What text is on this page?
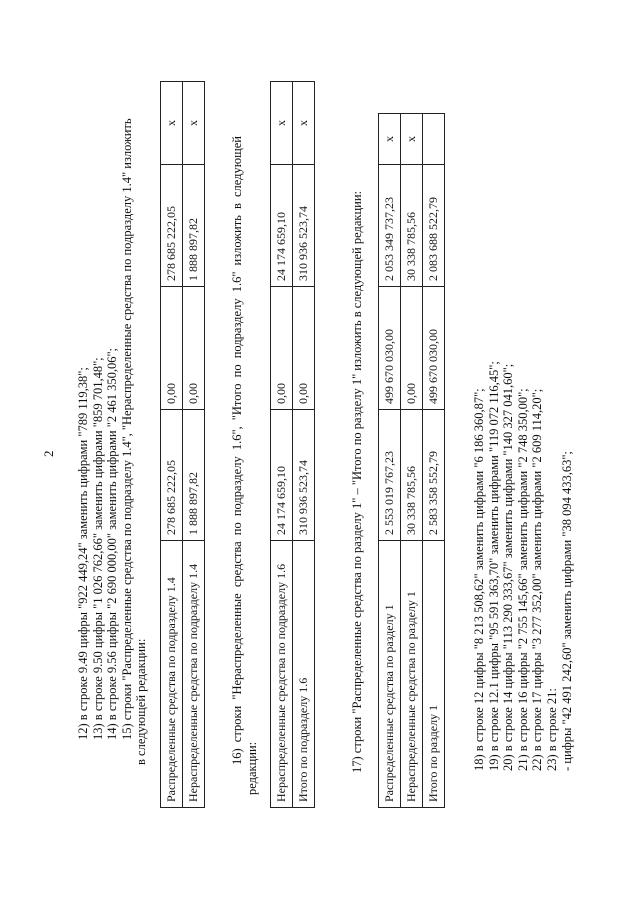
2 12) в строке 9.49 цифры "922 449,24" заменить цифрами "789 119,38"; 13) в строке 9.50 цифры "1 026 762,66" заменить цифрами "859 701,48"; 14) в строке 9.56 цифры "2 690 000,00" заменить цифрами "2 461 350,06"; 15) строки "Распределенные средства по подразделу 1.4", "Нераспределенные средства по подразделу 1.4" изложить в следующей редакции: Распределенные средства по подразделу 1.4	278 685 222,05	0,00	278 685 222,05	x
Нераспределенные средства по подразделу 1.4	1 888 897,82	0,00	1 888 897,82	x
16) строки "Нераспределенные средства по подразделу 1.6", "Итого по подразделу 1.6" изложить в следующей
редакции: Нераспределенные средства по подразделу 1.6	24 174 659,10	0,00	24 174 659,10	x
Итого по подразделу 1.6	310 936 523,74	0,00	310 936 523,74	x
17) строки "Распределенные средства по разделу 1" – "Итого по разделу 1" изложить в следующей редакции: Распределенные средства по разделу 1	2 553 019 767,23	499 670 030,00	2 053 349 737,23	x
Нераспределенные средства по разделу 1	30 338 785,56	0,00	30 338 785,56	x
Итого по разделу 1	2 583 358 552,79	499 670 030,00	2 083 688 522,79	
18) в строке 12 цифры "8 213 508,62" заменить цифрами "6 186 360,87"; 19) в строке 12.1 цифры "95 591 363,70" заменить цифрами "119 072 116,45"; 20) в строке 14 цифры "113 290 333,67" заменить цифрами "140 327 041,60"; 21) в строке 16 цифры "2 755 145,66" заменить цифрами "2 748 350,00"; 22) в строке 17 цифры "3 277 352,00" заменить цифрами "2 609 114,20"; 23) в строке 21: - цифры "42 491 242,60" заменить цифрами "38 094 433,63";
